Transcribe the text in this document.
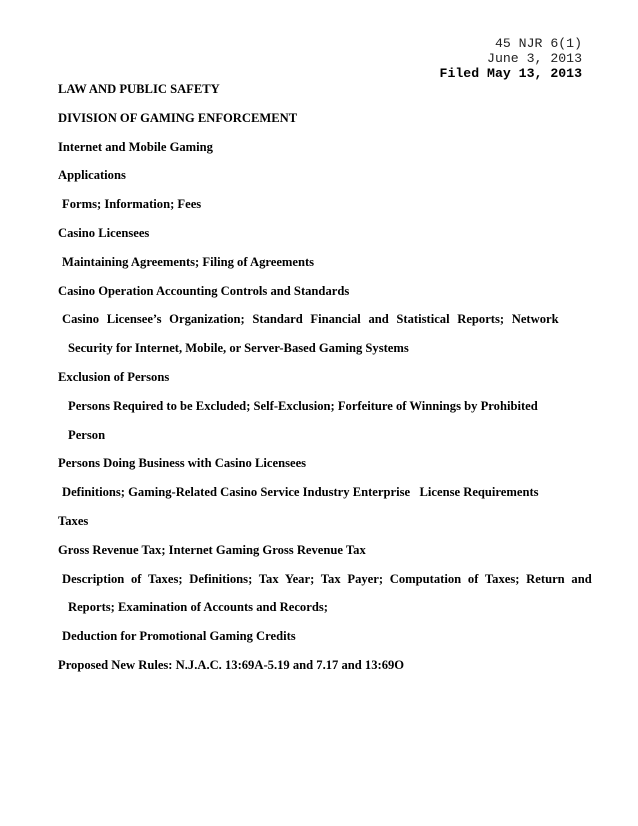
45 NJR 6(1)
June 3, 2013
Filed May 13, 2013
LAW AND PUBLIC SAFETY
DIVISION OF GAMING ENFORCEMENT
Internet and Mobile Gaming
Applications
Forms; Information; Fees
Casino Licensees
Maintaining Agreements; Filing of Agreements
Casino Operation Accounting Controls and Standards
Casino Licensee’s Organization; Standard Financial and Statistical Reports; Network
Security for Internet, Mobile, or Server-Based Gaming Systems
Exclusion of Persons
Persons Required to be Excluded; Self-Exclusion; Forfeiture of Winnings by Prohibited
Person
Persons Doing Business with Casino Licensees
Definitions; Gaming-Related Casino Service Industry Enterprise   License Requirements
Taxes
Gross Revenue Tax; Internet Gaming Gross Revenue Tax
Description of Taxes; Definitions; Tax Year; Tax Payer; Computation of Taxes; Return and
Reports; Examination of Accounts and Records;
Deduction for Promotional Gaming Credits
Proposed New Rules: N.J.A.C. 13:69A-5.19 and 7.17 and 13:69O
